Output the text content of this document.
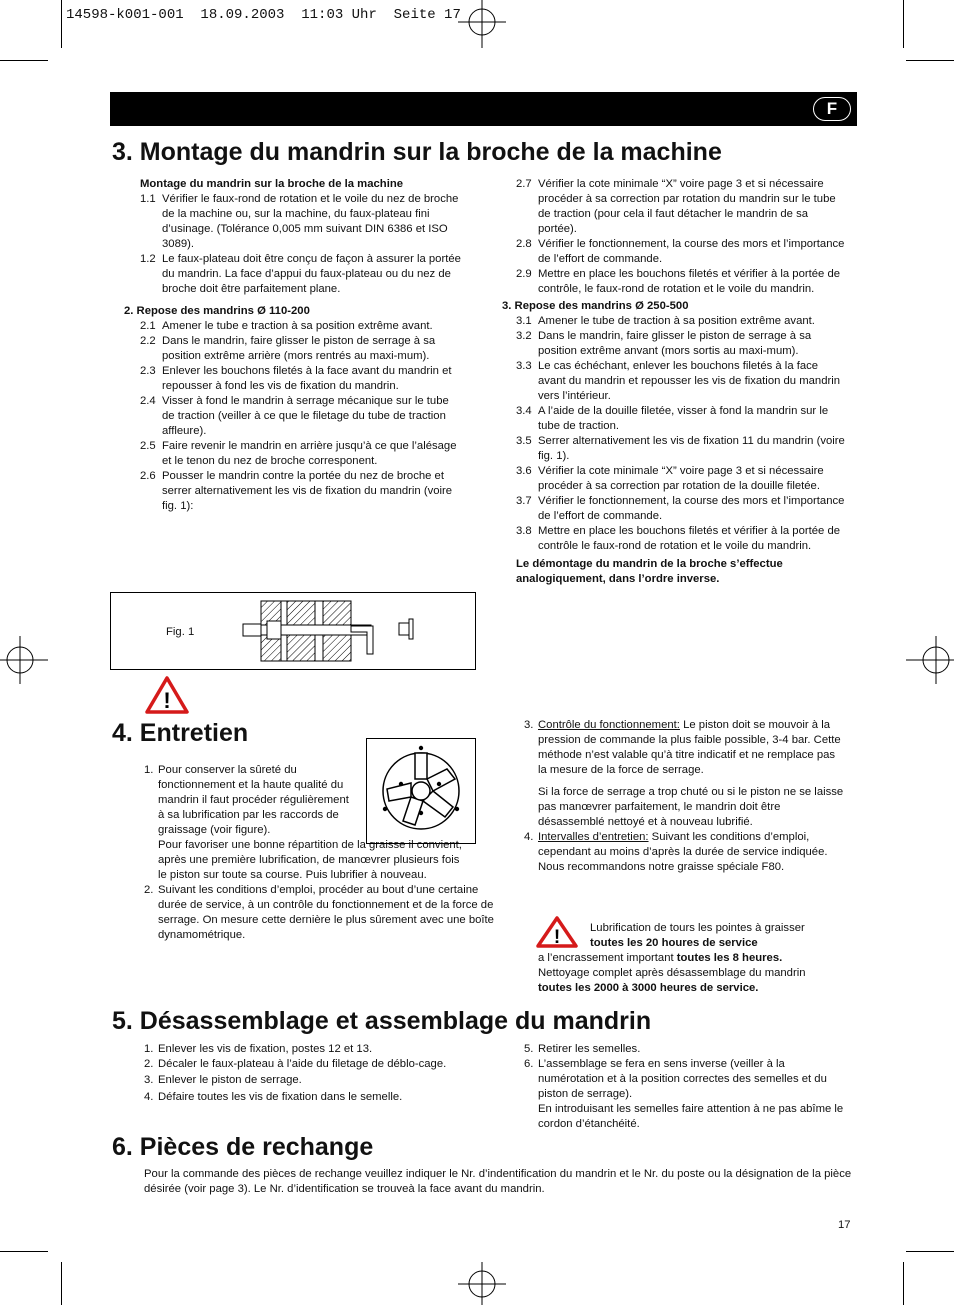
14598-k001-001  18.09.2003  11:03 Uhr  Seite 17
F
3. Montage du mandrin sur la broche de la machine
Montage du mandrin sur la broche de la machine
1.1 Vérifier le faux-rond de rotation et le voile du nez de broche de la machine ou, sur la machine, du faux-plateau fini d’usinage. (Tolérance 0,005 mm suivant DIN 6386 et ISO 3089).
1.2 Le faux-plateau doit être conçu de façon à assurer la portée du mandrin. La face d’appui du faux-plateau ou du nez de broche doit être parfaitement plane.
2. Repose des mandrins Ø 110-200
2.1 Amener le tube e traction à sa position extrême avant.
2.2 Dans le mandrin, faire glisser le piston de serrage à sa position extrême arrière (mors rentrés au maxi-mum).
2.3 Enlever les bouchons filetés à la face avant du mandrin et repousser à fond les vis de fixation du mandrin.
2.4 Visser à fond le mandrin à serrage mécanique sur le tube de traction (veiller à ce que le filetage du tube de traction affleure).
2.5 Faire revenir le mandrin en arrière jusqu’à ce que l’alésage et le tenon du nez de broche corresponent.
2.6 Pousser le mandrin contre la portée du nez de broche et serrer alternativement les vis de fixation du mandrin (voire fig. 1):
2.7 Vérifier la cote minimale “X” voire page 3 et si nécessaire procéder à sa correction par rotation du mandrin sur le tube de traction (pour cela il faut détacher le mandrin de sa portée).
2.8 Vérifier le fonctionnement, la course des mors et l’importance de l’effort de commande.
2.9 Mettre en place les bouchons filetés et vérifier à la portée de contrôle, le faux-rond de rotation et le voile du mandrin.
3. Repose des mandrins Ø 250-500
3.1 Amener le tube de traction à sa position extrême avant.
3.2 Dans le mandrin, faire glisser le piston de serrage à sa position extrême anvant (mors sortis au maxi-mum).
3.3 Le cas échéchant, enlever les bouchons filetés à la face avant du mandrin et repousser les vis de fixation du mandrin vers l’intérieur.
3.4 A l’aide de la douille filetée, visser à fond la mandrin sur le tube de traction.
3.5 Serrer alternativement les vis de fixation 11 du mandrin (voire fig. 1).
3.6 Vérifier la cote minimale “X” voire page 3 et si nécessaire procéder à sa correction par rotation de la douille filetée.
3.7 Vérifier le fonctionnement, la course des mors et l’importance de l’effort de commande.
3.8 Mettre en place les bouchons filetés et vérifier à la portée de contrôle le faux-rond de rotation et le voile du mandrin.
Le démontage du mandrin de la broche s’effectue analogiquement, dans l’ordre inverse.
Fig. 1
!
4. Entretien
1. Pour conserver la sûreté du fonctionnement et la haute qualité du mandrin il faut procéder régulièrement à sa lubrification par les raccords de graissage (voir figure).
Pour favoriser une bonne répartition de la graisse il convient, après une première lubrification, de manœvrer plusieurs fois le piston sur toute sa course. Puis lubrifier à nouveau.
2. Suivant les conditions d’emploi, procéder au bout d’une certaine durée de service, à un contrôle du fonctionnement et de la force de serrage. On mesure cette dernière le plus sûrement avec une boîte dynamométrique.
3. Contrôle du fonctionnement: Le piston doit se mouvoir à la pression de commande la plus faible possible, 3-4 bar. Cette méthode n’est valable qu’à titre indicatif et ne remplace pas la mesure de la force de serrage.
Si la force de serrage a trop chuté ou si le piston ne se laisse pas manœvrer parfaitement, le mandrin doit être désassemblé nettoyé et à nouveau lubrifié.
4. Intervalles d’entretien: Suivant les conditions d’emploi, cependant au moins d’après la durée de service indiquée.
Nous recommandons notre graisse spéciale F80.
!	Lubrification de tours les pointes à graisser
toutes les 20 houres de service
a l’encrassement important toutes les 8 heures.
Nettoyage complet après désassemblage du mandrin
toutes les 2000 à 3000 heures de service.
5. Désassemblage et assemblage du mandrin
1. Enlever les vis de fixation, postes 12 et 13.
2. Décaler le faux-plateau à l’aide du filetage de déblo-cage.
3. Enlever le piston de serrage.
4. Défaire toutes les vis de fixation dans le semelle.
5. Retirer les semelles.
6. L’assemblage se fera en sens inverse (veiller à la numérotation et à la position correctes des semelles et du piston de serrage).
En introduisant les semelles faire attention à ne pas abîme le cordon d’étanchéité.
6. Pièces de rechange
Pour la commande des pièces de rechange veuillez indiquer le Nr. d’indentification du mandrin et le Nr. du poste ou la désignation de la pièce désirée (voir page 3). Le Nr. d’identification se trouveà la face avant du mandrin.
17
